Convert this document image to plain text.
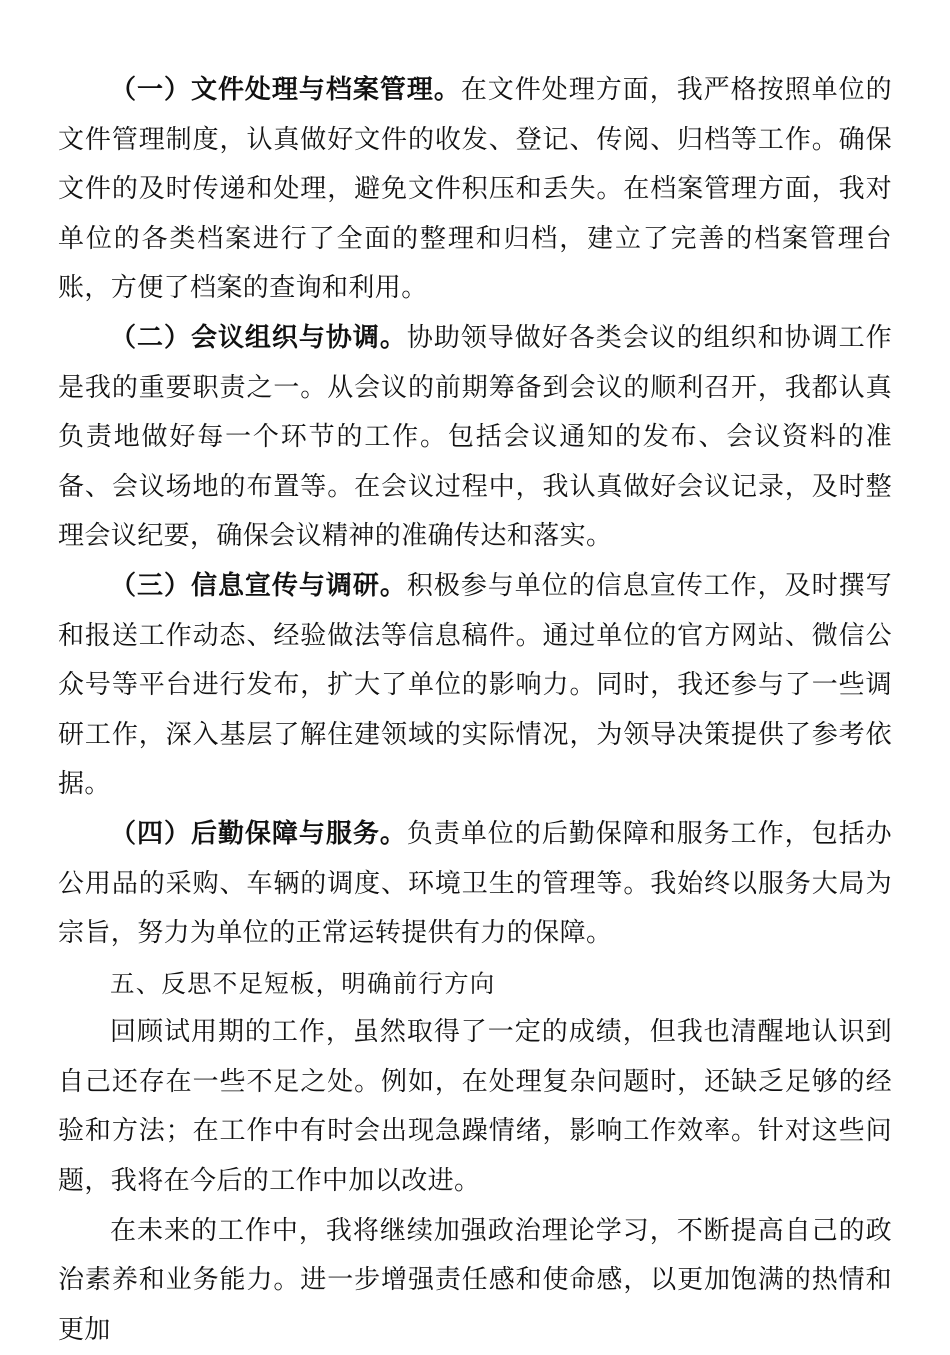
（一）文件处理与档案管理。在文件处理方面，我严格按照单位的文件管理制度，认真做好文件的收发、登记、传阅、归档等工作。确保文件的及时传递和处理，避免文件积压和丢失。在档案管理方面，我对单位的各类档案进行了全面的整理和归档，建立了完善的档案管理台账，方便了档案的查询和利用。

（二）会议组织与协调。协助领导做好各类会议的组织和协调工作是我的重要职责之一。从会议的前期筹备到会议的顺利召开，我都认真负责地做好每一个环节的工作。包括会议通知的发布、会议资料的准备、会议场地的布置等。在会议过程中，我认真做好会议记录，及时整理会议纪要，确保会议精神的准确传达和落实。

（三）信息宣传与调研。积极参与单位的信息宣传工作，及时撰写和报送工作动态、经验做法等信息稿件。通过单位的官方网站、微信公众号等平台进行发布，扩大了单位的影响力。同时，我还参与了一些调研工作，深入基层了解住建领域的实际情况，为领导决策提供了参考依据。

（四）后勤保障与服务。负责单位的后勤保障和服务工作，包括办公用品的采购、车辆的调度、环境卫生的管理等。我始终以服务大局为宗旨，努力为单位的正常运转提供有力的保障。

五、反思不足短板，明确前行方向

回顾试用期的工作，虽然取得了一定的成绩，但我也清醒地认识到自己还存在一些不足之处。例如，在处理复杂问题时，还缺乏足够的经验和方法；在工作中有时会出现急躁情绪，影响工作效率。针对这些问题，我将在今后的工作中加以改进。

在未来的工作中，我将继续加强政治理论学习，不断提高自己的政治素养和业务能力。进一步增强责任感和使命感，以更加饱满的热情和更加
